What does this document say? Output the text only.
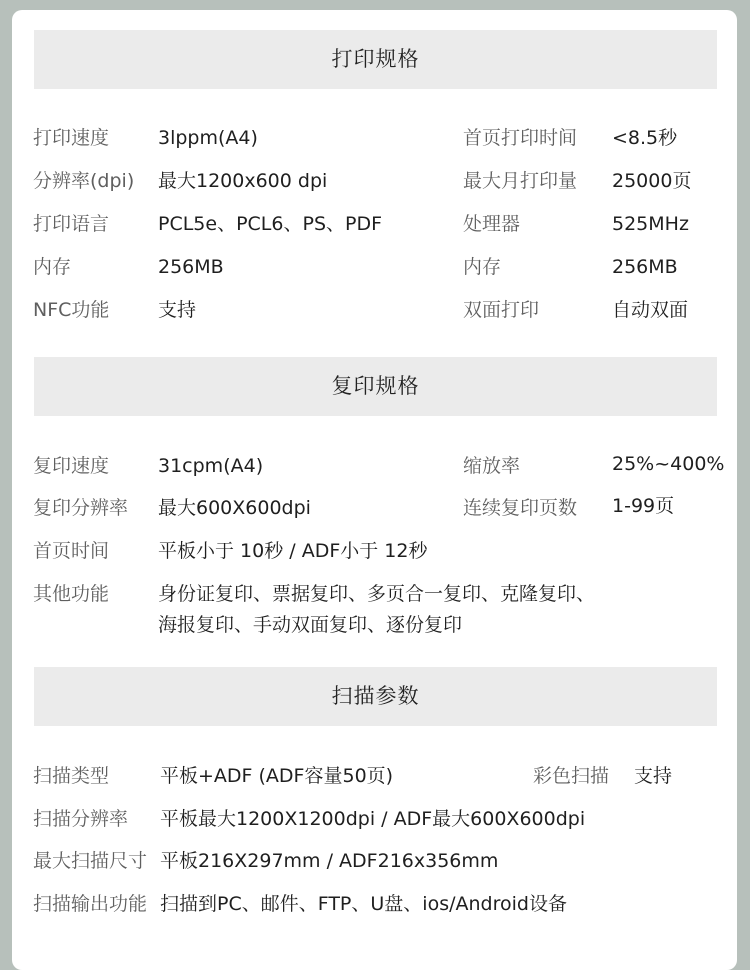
打印规格
打印速度	3lppm(A4)	首页打印时间 <8.5秒
分辨率(dpi) 最大1200x600 dpi	最大月打印量 25000页
打印语言	PCL5e、PCL6、PS、PDF	处理器	525MHz
内存	256MB	内存	256MB
NFC功能	支持	双面打印	自动双面
复印规格
复印速度	31cpm(A4)	缩放率	25%~400%
复印分辨率 最大600X600dpi	连续复印页数 1-99页
首页时间	平板小于 10秒 / ADF小于 12秒
其他功能	身份证复印、票据复印、多页合一复印、克隆复印、
海报复印、手动双面复印、逐份复印
扫描参数
扫描类型	平板+ADF (ADF容量50页)	彩色扫描 支持
扫描分辨率 平板最大1200X1200dpi / ADF最大600X600dpi
最大扫描尺寸 平板216X297mm / ADF216x356mm
扫描输出功能 扫描到PC、邮件、FTP、U盘、ios/Android设备
